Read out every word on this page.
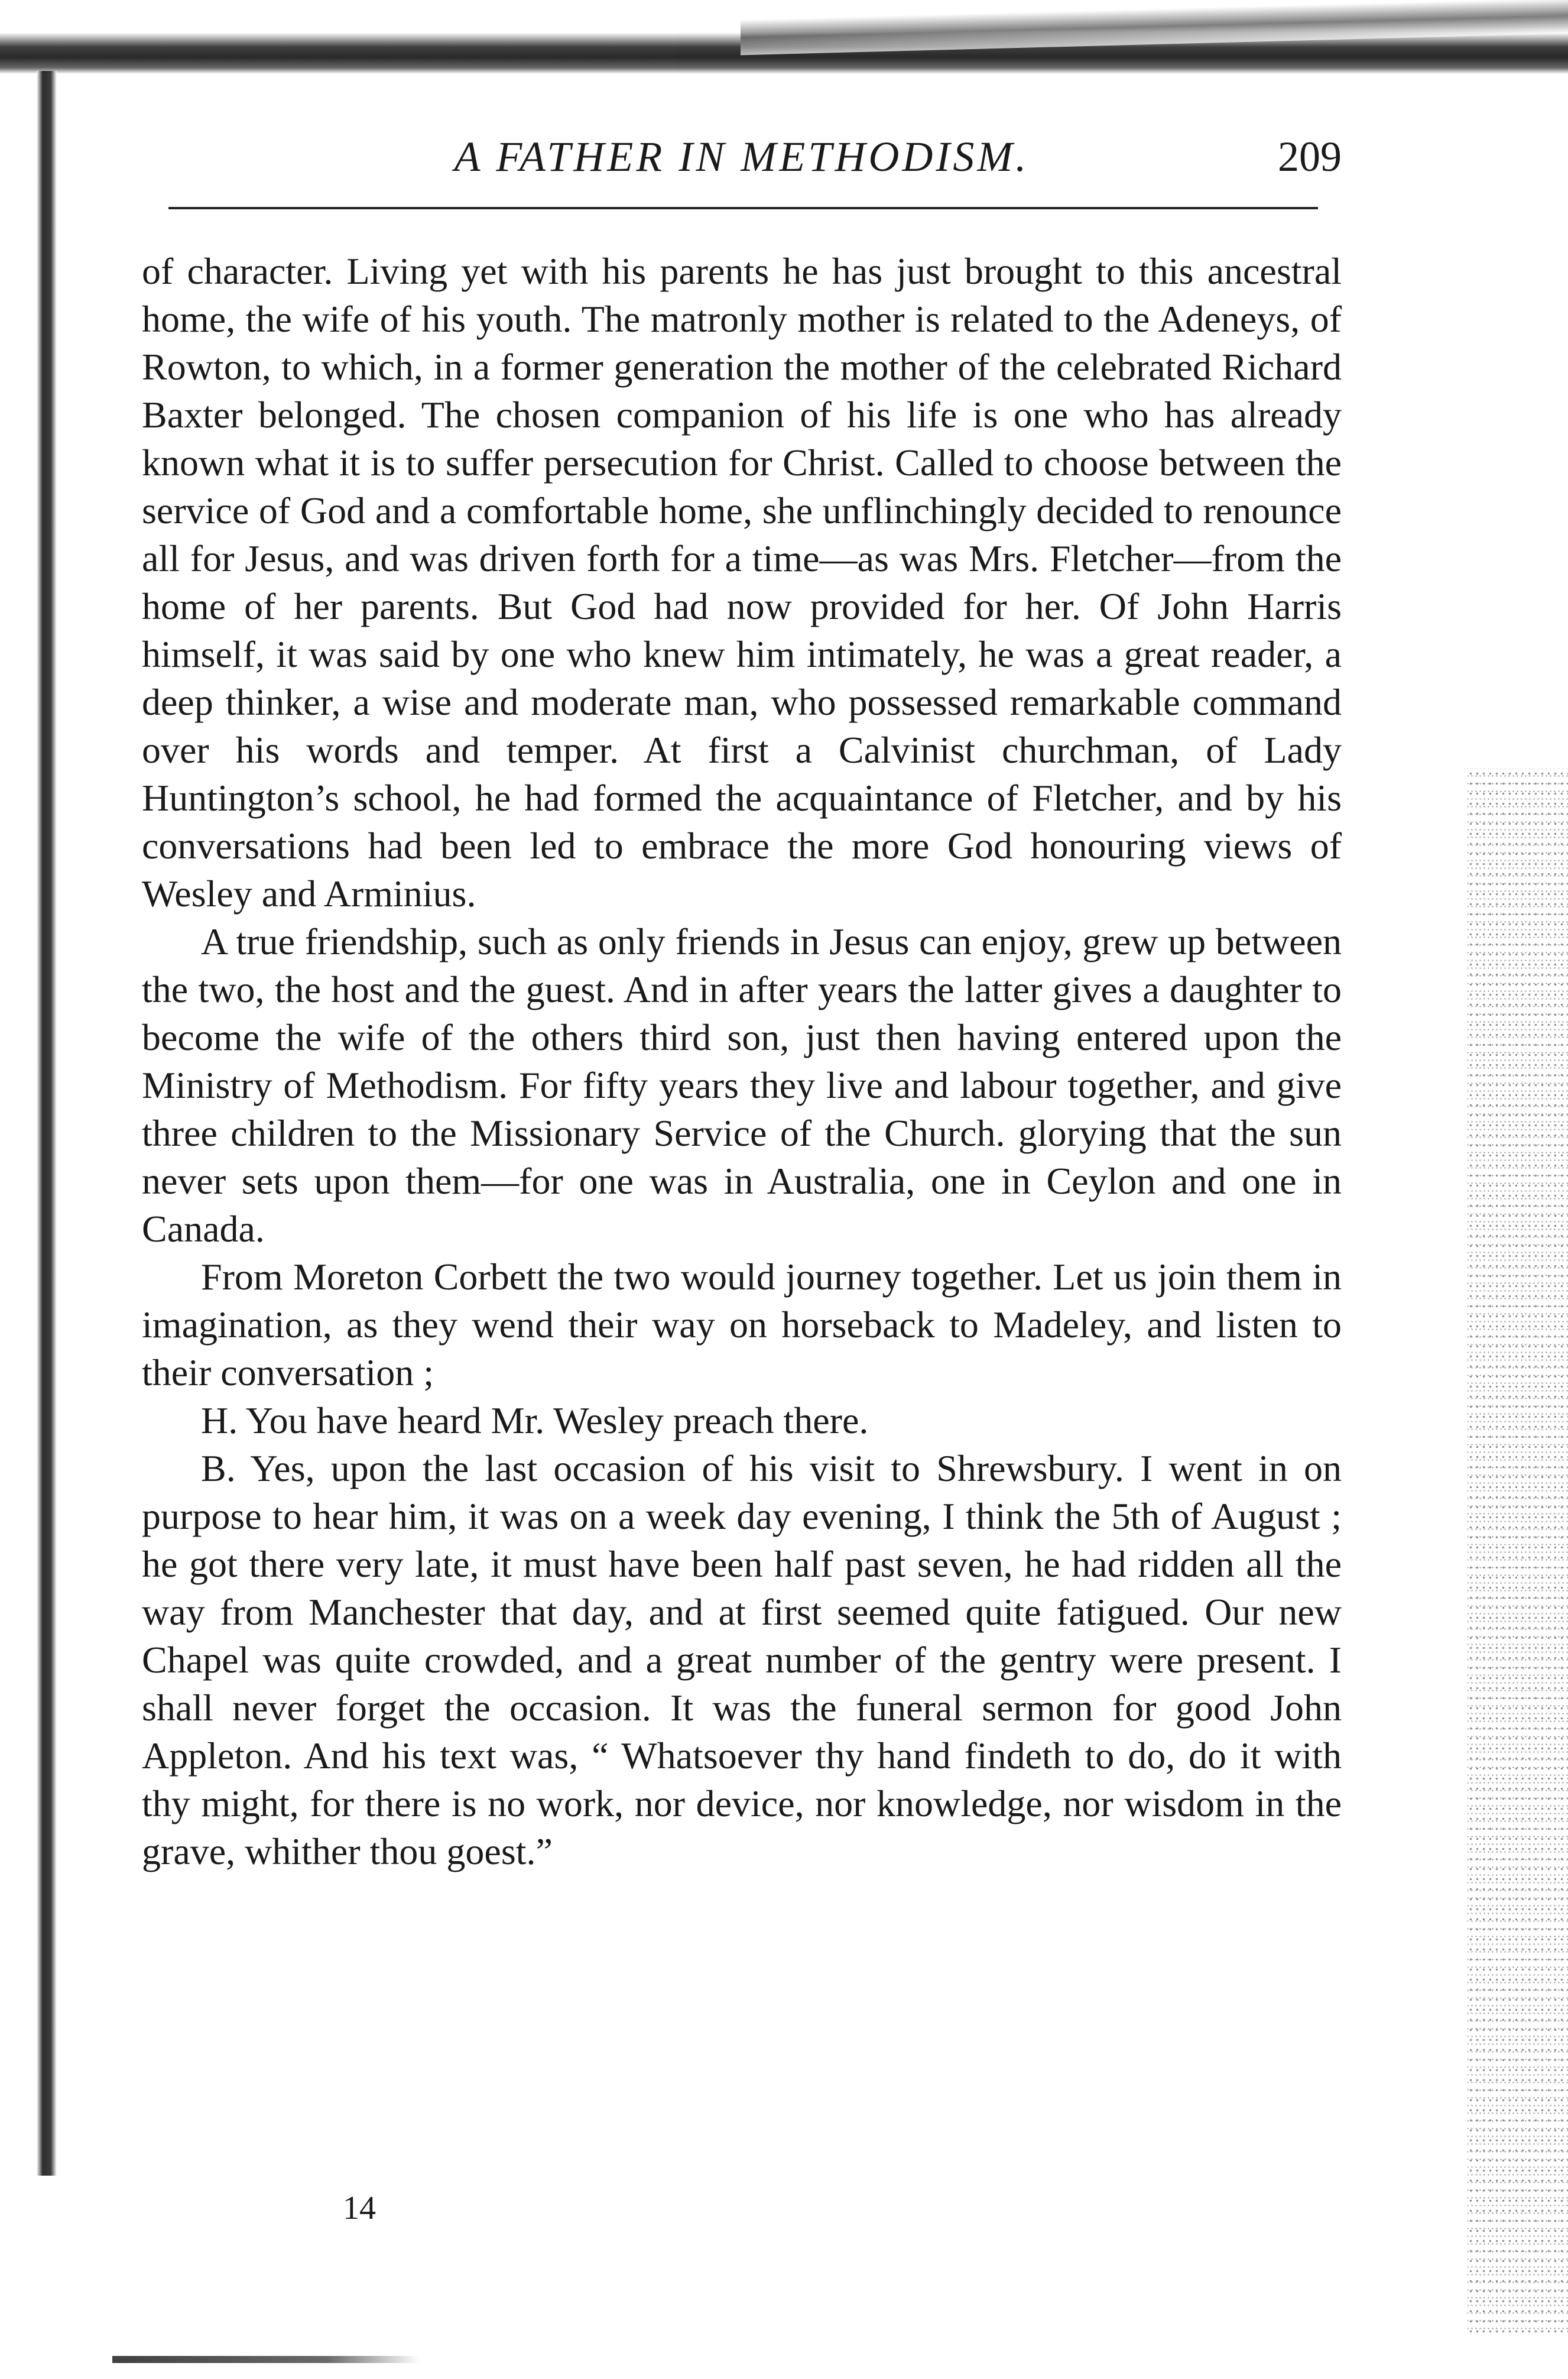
A FATHER IN METHODISM.	209

of character. Living yet with his parents he has just brought to this ancestral home, the wife of his youth. The matronly mother is related to the Adeneys, of Rowton, to which, in a former generation the mother of the celebrated Richard Baxter belonged. The chosen companion of his life is one who has already known what it is to suffer persecution for Christ. Called to choose between the service of God and a comfortable home, she unflinchingly decided to renounce all for Jesus, and was driven forth for a time—as was Mrs. Fletcher—from the home of her parents. But God had now provided for her. Of John Harris himself, it was said by one who knew him intimately, he was a great reader, a deep thinker, a wise and moderate man, who possessed remarkable command over his words and temper. At first a Calvinist churchman, of Lady Huntington’s school, he had formed the acquaintance of Fletcher, and by his conversations had been led to embrace the more God honouring views of Wesley and Arminius.

A true friendship, such as only friends in Jesus can enjoy, grew up between the two, the host and the guest. And in after years the latter gives a daughter to become the wife of the others third son, just then having entered upon the Ministry of Methodism. For fifty years they live and labour together, and give three children to the Missionary Service of the Church. glorying that the sun never sets upon them—for one was in Australia, one in Ceylon and one in Canada.

From Moreton Corbett the two would journey together. Let us join them in imagination, as they wend their way on horseback to Madeley, and listen to their conversation ;

H. You have heard Mr. Wesley preach there.

B. Yes, upon the last occasion of his visit to Shrewsbury. I went in on purpose to hear him, it was on a week day evening, I think the 5th of August ; he got there very late, it must have been half past seven, he had ridden all the way from Manchester that day, and at first seemed quite fatigued. Our new Chapel was quite crowded, and a great number of the gentry were present. I shall never forget the occasion. It was the funeral sermon for good John Appleton. And his text was, “ Whatsoever thy hand findeth to do, do it with thy might, for there is no work, nor device, nor knowledge, nor wisdom in the grave, whither thou goest.”

14
